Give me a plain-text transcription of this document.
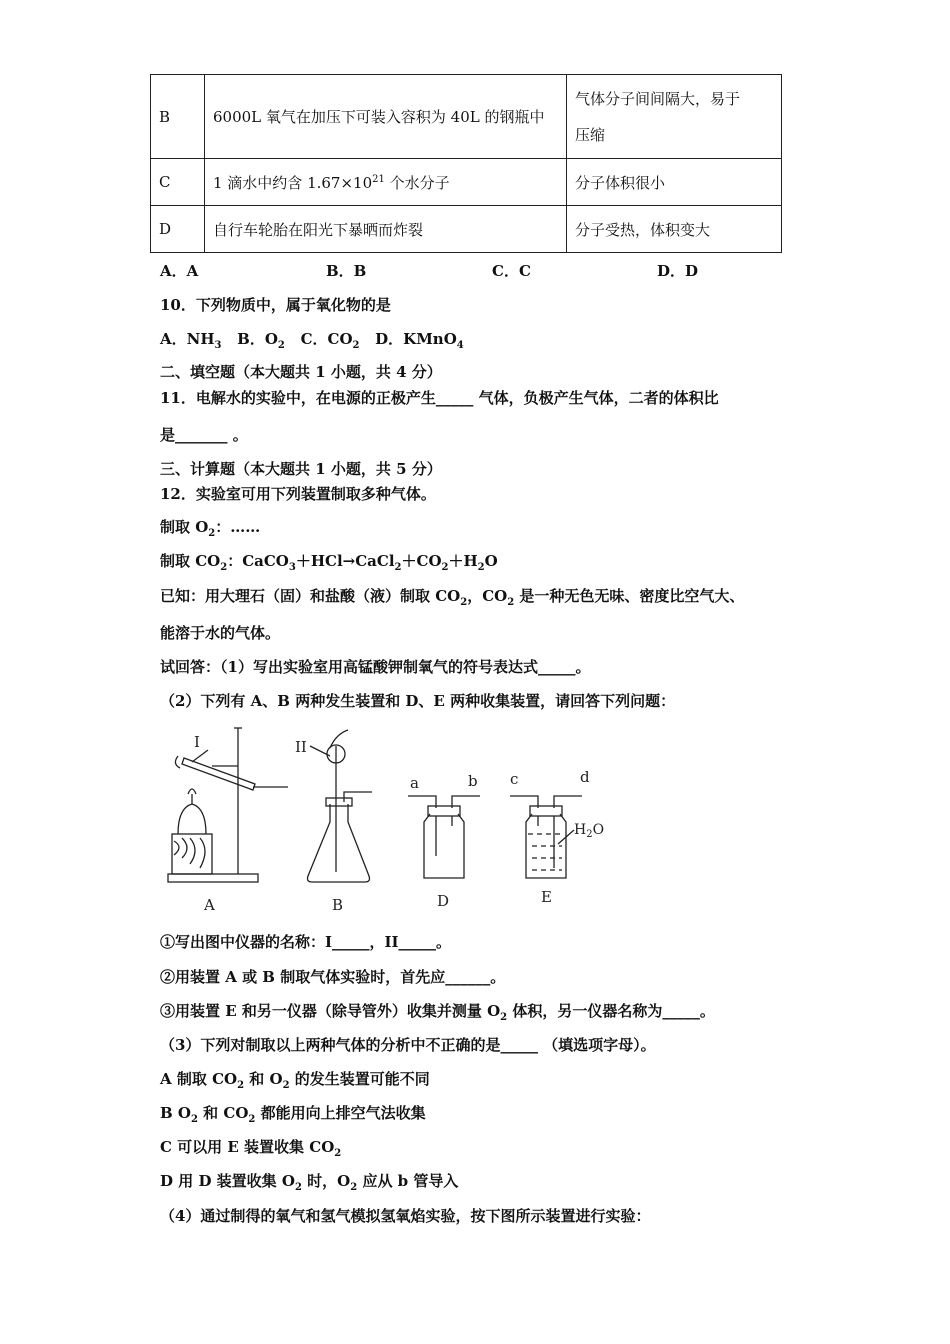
B	6000L 氧气在加压下可装入容积为 40L 的钢瓶中	气体分子间间隔大，易于
压缩
C	1 滴水中约含 $1.67\times 10^{21}$ 个水分子	分子体积很小
D	自行车轮胎在阳光下暴晒而炸裂	分子受热，体积变大
A．A	B．B	C．C	D．D
10．下列物质中，属于氧化物的是
A．$NH_3$ B．$O_2$ C．$CO_2$ D．KMnO$_4$
二、填空题（本大题共 1 小题，共 4 分）
11．电解水的实验中，在电源的正极产生_____ 气体，负极产生气体，二者的体积比
是_______ 。
三、计算题（本大题共 1 小题，共 5 分）
12．实验室可用下列装置制取多种气体。
制取 $O_2$：……
制取 $CO_2$：$CaCO_3+HCl\to CaCl_2+CO_2+H_2O$
已知：用大理石（固）和盐酸（液）制取 $CO_2$，$CO_2$ 是一种无色无味、密度比空气大、
能溶于水的气体。
试回答：（1）写出实验室用高锰酸钾制氧气的符号表达式_____。
（2）下列有 A、B 两种发生装置和 D、E 两种收集装置，请回答下列问题：
A	B	D	E
I	II
a	b c	d
$H_2O$
①写出图中仪器的名称：I_____，II_____。
②用装置 A 或 B 制取气体实验时，首先应______。
③用装置 E 和另一仪器（除导管外）收集并测量 $O_2$ 体积，另一仪器名称为_____。
（3）下列对制取以上两种气体的分析中不正确的是_____ （填选项字母）。
A 制取 $CO_2$ 和 $O_2$ 的发生装置可能不同
B $O_2$ 和 $CO_2$ 都能用向上排空气法收集
C 可以用 E 装置收集 $CO_2$
D 用 D 装置收集 $O_2$ 时，$O_2$ 应从 b 管导入
（4）通过制得的氧气和氢气模拟氢氧焰实验，按下图所示装置进行实验：
